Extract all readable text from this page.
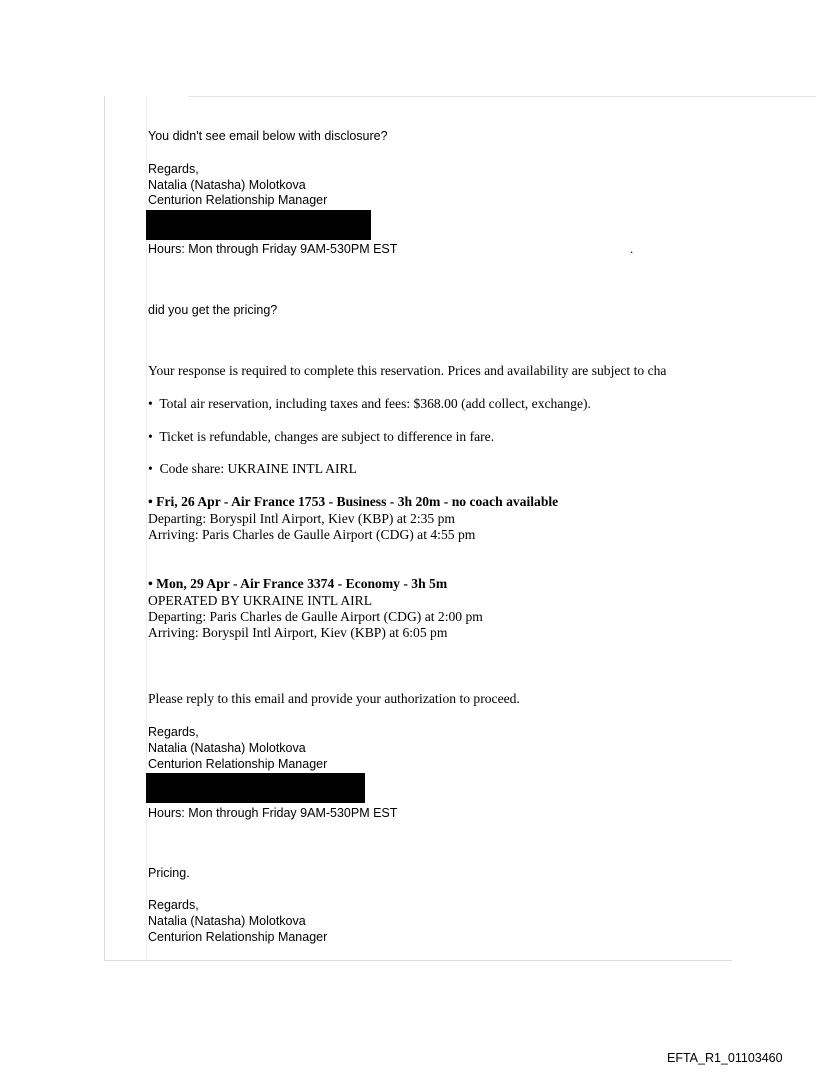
You didn't see email below with disclosure?
Regards,
Natalia (Natasha) Molotkova
Centurion Relationship Manager
Hours: Mon through Friday 9AM-530PM EST	.
did you get the pricing?
Your response is required to complete this reservation. Prices and availability are subject to cha
•  Total air reservation, including taxes and fees: $368.00 (add collect, exchange).
•  Ticket is refundable, changes are subject to difference in fare.
•  Code share: UKRAINE INTL AIRL
• Fri, 26 Apr - Air France 1753 - Business - 3h 20m - no coach available
Departing: Boryspil Intl Airport, Kiev (KBP) at 2:35 pm
Arriving: Paris Charles de Gaulle Airport (CDG) at 4:55 pm
• Mon, 29 Apr - Air France 3374 - Economy - 3h 5m
OPERATED BY UKRAINE INTL AIRL
Departing: Paris Charles de Gaulle Airport (CDG) at 2:00 pm
Arriving: Boryspil Intl Airport, Kiev (KBP) at 6:05 pm
Please reply to this email and provide your authorization to proceed.
Regards,
Natalia (Natasha) Molotkova
Centurion Relationship Manager
Hours: Mon through Friday 9AM-530PM EST
Pricing.
Regards,
Natalia (Natasha) Molotkova
Centurion Relationship Manager
EFTA_R1_01103460
